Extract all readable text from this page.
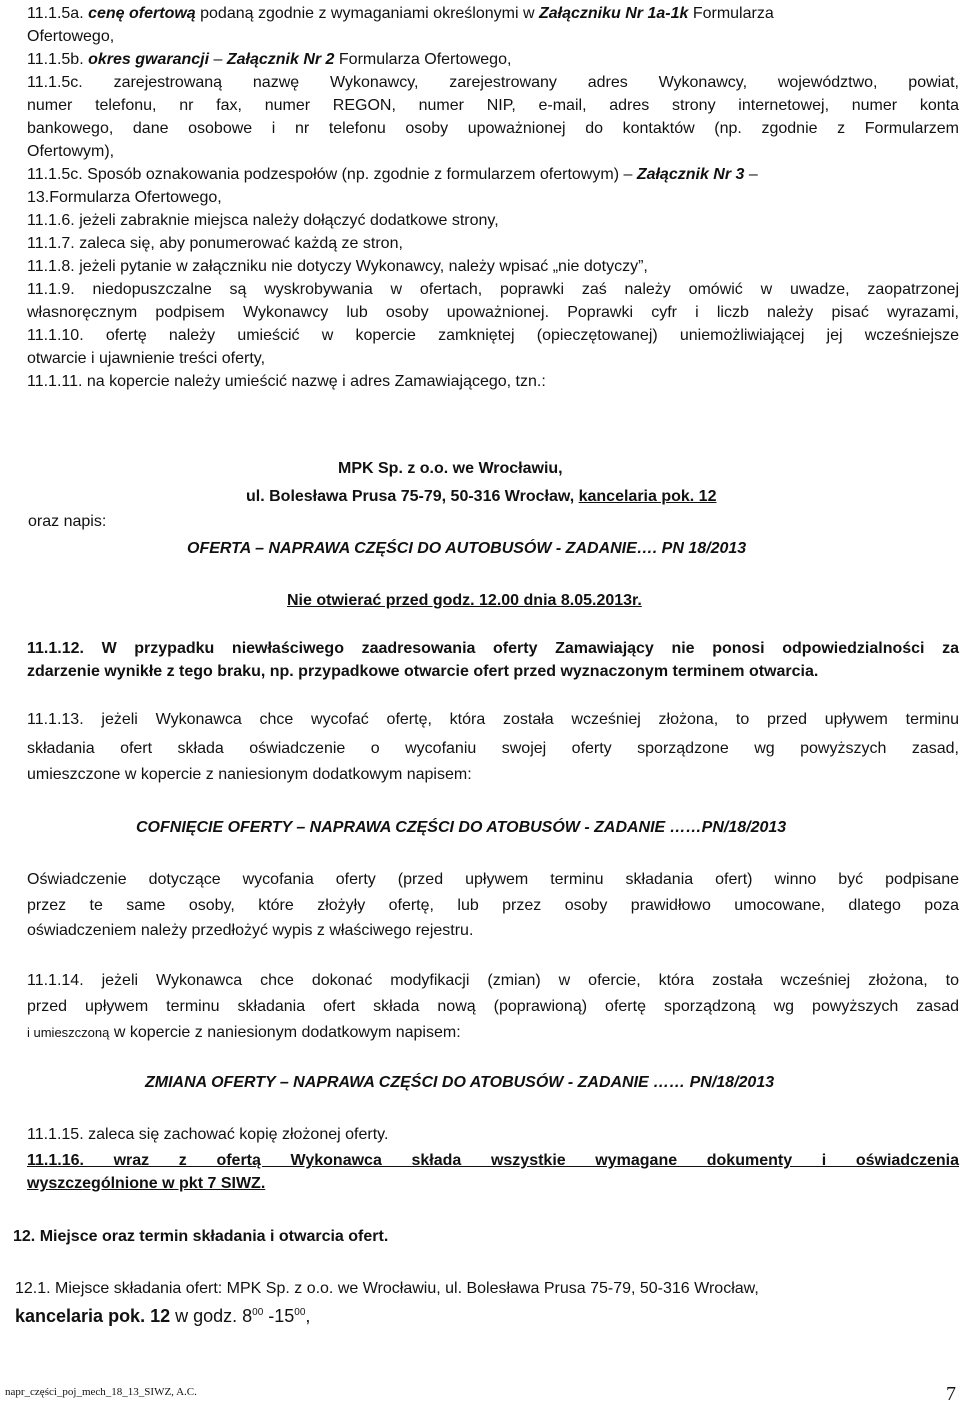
11.1.5a. cenę ofertową podaną zgodnie z wymaganiami określonymi w Załączniku Nr 1a-1k Formularza
Ofertowego,
11.1.5b. okres gwarancji – Załącznik Nr 2 Formularza Ofertowego,
11.1.5c. zarejestrowaną nazwę Wykonawcy, zarejestrowany adres Wykonawcy, województwo, powiat,
numer telefonu, nr fax, numer REGON, numer NIP, e-mail, adres strony internetowej, numer konta
bankowego, dane osobowe i nr telefonu osoby upoważnionej do kontaktów (np. zgodnie z Formularzem
Ofertowym),
11.1.5c. Sposób oznakowania podzespołów (np. zgodnie z formularzem ofertowym) – Załącznik Nr 3 –
13.Formularza Ofertowego,
11.1.6. jeżeli zabraknie miejsca należy dołączyć dodatkowe strony,
11.1.7. zaleca się, aby ponumerować każdą ze stron,
11.1.8. jeżeli pytanie w załączniku nie dotyczy Wykonawcy, należy wpisać „nie dotyczy”,
11.1.9. niedopuszczalne są wyskrobywania w ofertach, poprawki zaś należy omówić w uwadze, zaopatrzonej
własnoręcznym podpisem Wykonawcy lub osoby upoważnionej. Poprawki cyfr i liczb należy pisać wyrazami,
11.1.10. ofertę należy umieścić w kopercie zamkniętej (opieczętowanej) uniemożliwiającej jej wcześniejsze
otwarcie i ujawnienie treści oferty,
11.1.11. na kopercie należy umieścić nazwę i adres Zamawiającego, tzn.:
MPK Sp. z o.o. we Wrocławiu,
ul. Bolesława Prusa 75-79, 50-316 Wrocław, kancelaria pok. 12
oraz napis:
OFERTA – NAPRAWA CZĘŚCI DO AUTOBUSÓW - ZADANIE…. PN 18/2013
Nie otwierać przed godz. 12.00 dnia 8.05.2013r.
11.1.12. W przypadku niewłaściwego zaadresowania oferty Zamawiający nie ponosi odpowiedzialności za
zdarzenie wynikłe z tego braku, np. przypadkowe otwarcie ofert przed wyznaczonym terminem otwarcia.
11.1.13. jeżeli Wykonawca chce wycofać ofertę, która została wcześniej złożona, to przed upływem terminu
składania ofert składa oświadczenie o wycofaniu swojej oferty sporządzone wg powyższych zasad,
umieszczone w kopercie z naniesionym dodatkowym napisem:
COFNIĘCIE OFERTY – NAPRAWA CZĘŚCI DO ATOBUSÓW - ZADANIE ……PN/18/2013
Oświadczenie dotyczące wycofania oferty (przed upływem terminu składania ofert) winno być podpisane
przez te same osoby, które złożyły ofertę, lub przez osoby prawidłowo umocowane, dlatego poza
oświadczeniem należy przedłożyć wypis z właściwego rejestru.
11.1.14. jeżeli Wykonawca chce dokonać modyfikacji (zmian) w ofercie, która została wcześniej złożona, to
przed upływem terminu składania ofert składa nową (poprawioną) ofertę sporządzoną wg powyższych zasad
i umieszczoną w kopercie z naniesionym dodatkowym napisem:
ZMIANA OFERTY – NAPRAWA CZĘŚCI DO ATOBUSÓW - ZADANIE …… PN/18/2013
11.1.15. zaleca się zachować kopię złożonej oferty.
11.1.16. wraz z ofertą Wykonawca składa wszystkie wymagane dokumenty i oświadczenia
wyszczególnione w pkt 7 SIWZ.
12. Miejsce oraz termin składania i otwarcia ofert.
12.1. Miejsce składania ofert: MPK Sp. z o.o. we Wrocławiu, ul. Bolesława Prusa 75-79, 50-316 Wrocław,
kancelaria pok. 12 w godz. $8^{00}$ $-15^{00}$,
napr_części_poj_mech_18_13_SIWZ, A.C.	7
